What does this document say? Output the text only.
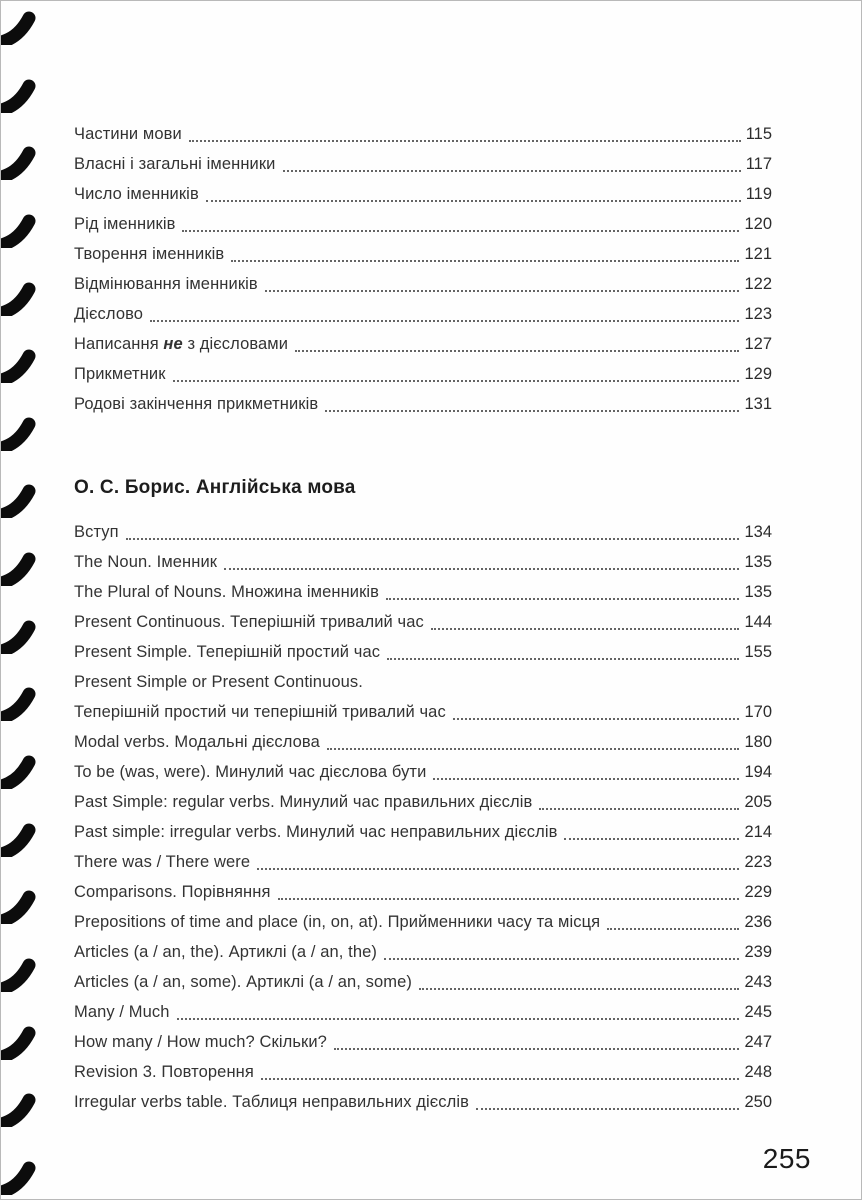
Частини мови	115
Власні і загальні іменники	117
Число іменників	119
Рід іменників	120
Творення іменників	121
Відмінювання іменників	122
Дієслово	123
Написання не з дієсловами	127
Прикметник	129
Родові закінчення прикметників	131
О. С. Борис. Англійська мова
Вступ	134
The Noun. Іменник	135
The Plural of Nouns. Множина іменників	135
Present Continuous. Теперішній тривалий час	144
Present Simple. Теперішній простий час	155
Present Simple or Present Continuous.
Теперішній простий чи теперішній тривалий час	170
Modal verbs. Модальні дієслова	180
To be (was, were). Минулий час дієслова бути	194
Past Simple: regular verbs. Минулий час правильних дієслів	205
Past simple: irregular verbs. Минулий час неправильних дієслів	214
There was / There were	223
Comparisons. Порівняння	229
Prepositions of time and place (in, on, at). Прийменники часу та місця	236
Articles (a / an, the). Артиклі (a / an, the)	239
Articles (a / an, some). Артиклі (a / an, some)	243
Many / Much	245
How many / How much? Скільки?	247
Revision 3. Повторення	248
Irregular verbs table. Таблиця неправильних дієслів	250
255
